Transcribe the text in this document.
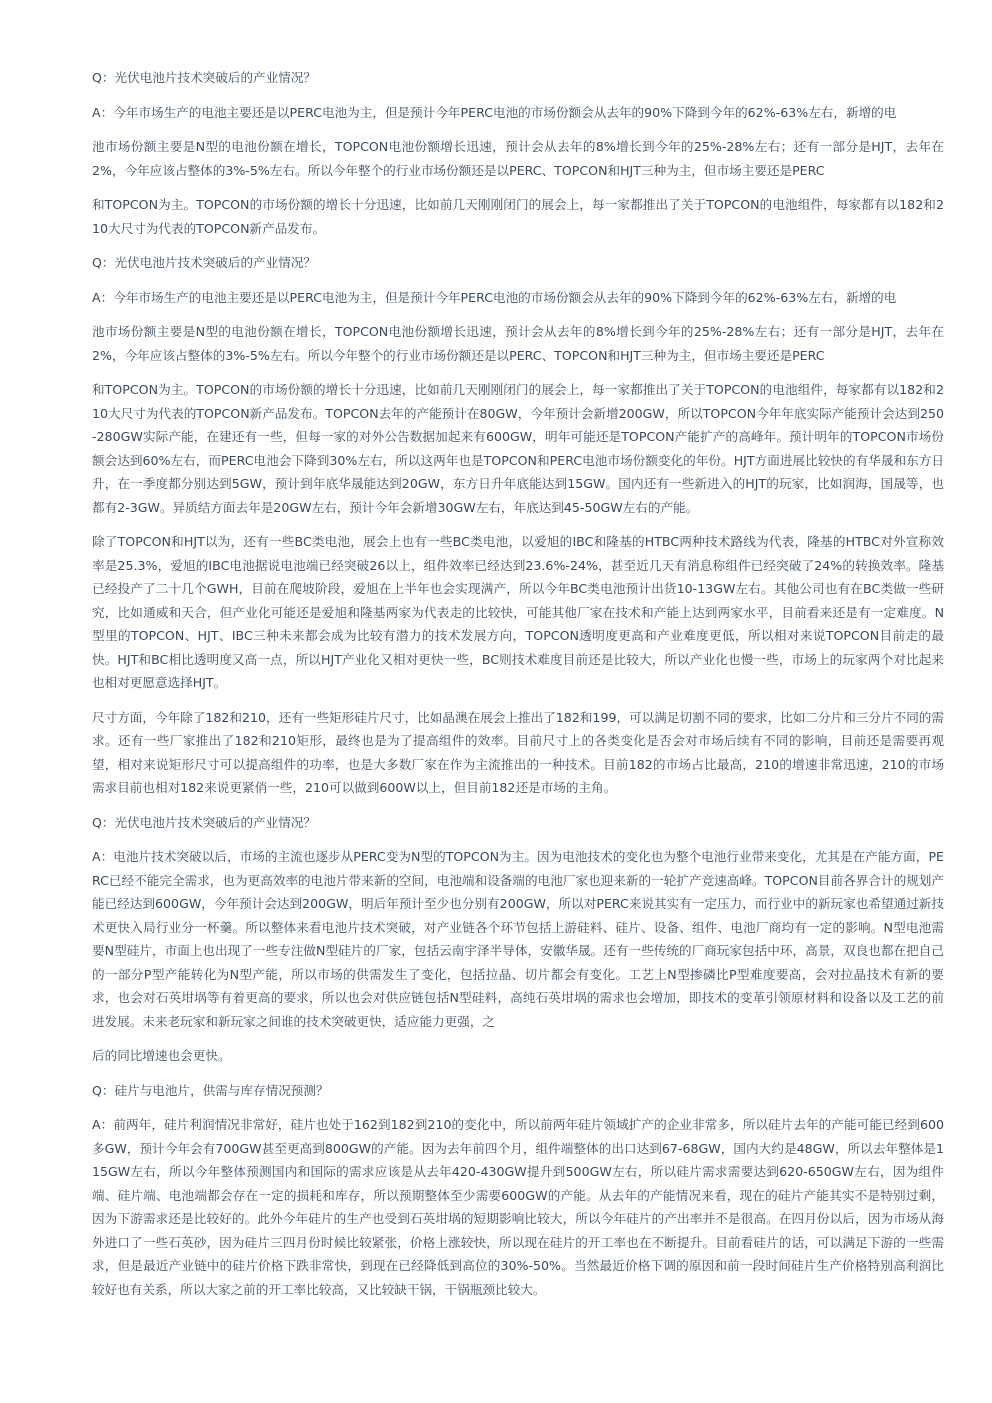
Q：光伏电池片技术突破后的产业情况？

A：今年市场生产的电池主要还是以PERC电池为主，但是预计今年PERC电池的市场份额会从去年的90%下降到今年的62%-63%左右，新增的电

池市场份额主要是N型的电池份额在增长，TOPCON电池份额增长迅速，预计会从去年的8%增长到今年的25%-28%左右；还有一部分是HJT，去年在2%，今年应该占整体的3%-5%左右。所以今年整个的行业市场份额还是以PERC、TOPCON和HJT三种为主，但市场主要还是PERC

和TOPCON为主。TOPCON的市场份额的增长十分迅速，比如前几天刚刚闭门的展会上，每一家都推出了关于TOPCON的电池组件，每家都有以182和210大尺寸为代表的TOPCON新产品发布。

Q：光伏电池片技术突破后的产业情况？

A：今年市场生产的电池主要还是以PERC电池为主，但是预计今年PERC电池的市场份额会从去年的90%下降到今年的62%-63%左右，新增的电

池市场份额主要是N型的电池份额在增长，TOPCON电池份额增长迅速，预计会从去年的8%增长到今年的25%-28%左右；还有一部分是HJT，去年在2%，今年应该占整体的3%-5%左右。所以今年整个的行业市场份额还是以PERC、TOPCON和HJT三种为主，但市场主要还是PERC

和TOPCON为主。TOPCON的市场份额的增长十分迅速，比如前几天刚刚闭门的展会上，每一家都推出了关于TOPCON的电池组件，每家都有以182和210大尺寸为代表的TOPCON新产品发布。TOPCON去年的产能预计在80GW，今年预计会新增200GW，所以TOPCON今年年底实际产能预计会达到250-280GW实际产能，在建还有一些，但每一家的对外公告数据加起来有600GW，明年可能还是TOPCON产能扩产的高峰年。预计明年的TOPCON市场份额会达到60%左右，而PERC电池会下降到30%左右，所以这两年也是TOPCON和PERC电池市场份额变化的年份。HJT方面进展比较快的有华晟和东方日升，在一季度都分别达到5GW，预计到年底华晟能达到20GW，东方日升年底能达到15GW。国内还有一些新进入的HJT的玩家，比如润海，国晟等，也都有2-3GW。异质结方面去年是20GW左右，预计今年会新增30GW左右，年底达到45-50GW左右的产能。

除了TOPCON和HJT以为，还有一些BC类电池，展会上也有一些BC类电池，以爱旭的IBC和隆基的HTBC两种技术路线为代表，隆基的HTBC对外宣称效率是25.3%，爱旭的IBC电池据说电池端已经突破26以上，组件效率已经达到23.6%-24%，甚至近几天有消息称组件已经突破了24%的转换效率。隆基已经投产了二十几个GWH，目前在爬坡阶段，爱旭在上半年也会实现满产，所以今年BC类电池预计出货10-13GW左右。其他公司也有在BC类做一些研究，比如通威和天合，但产业化可能还是爱旭和隆基两家为代表走的比较快，可能其他厂家在技术和产能上达到两家水平，目前看来还是有一定难度。N型里的TOPCON、HJT、IBC三种未来都会成为比较有潜力的技术发展方向，TOPCON透明度更高和产业难度更低，所以相对来说TOPCON目前走的最快。HJT和BC相比透明度又高一点，所以HJT产业化又相对更快一些，BC则技术难度目前还是比较大，所以产业化也慢一些，市场上的玩家两个对比起来也相对更愿意选择HJT。

尺寸方面，今年除了182和210，还有一些矩形硅片尺寸，比如晶澳在展会上推出了182和199，可以满足切割不同的要求，比如二分片和三分片不同的需求。还有一些厂家推出了182和210矩形，最终也是为了提高组件的效率。目前尺寸上的各类变化是否会对市场后续有不同的影响，目前还是需要再观望，相对来说矩形尺寸可以提高组件的功率，也是大多数厂家在作为主流推出的一种技术。目前182的市场占比最高，210的增速非常迅速，210的市场需求目前也相对182来说更紧俏一些，210可以做到600W以上，但目前182还是市场的主角。

Q：光伏电池片技术突破后的产业情况？

A：电池片技术突破以后，市场的主流也逐步从PERC变为N型的TOPCON为主。因为电池技术的变化也为整个电池行业带来变化，尤其是在产能方面，PERC已经不能完全需求，也为更高效率的电池片带来新的空间，电池端和设备端的电池厂家也迎来新的一轮扩产竞速高峰。TOPCON目前各界合计的规划产能已经达到600GW，今年预计会达到200GW，明后年预计至少也分别有200GW，所以对PERC来说其实有一定压力，而行业中的新玩家也希望通过新技术更快入局行业分一杯羹。所以整体来看电池片技术突破，对产业链各个环节包括上游硅料、硅片、设备、组件、电池厂商均有一定的影响。N型电池需要N型硅片，市面上也出现了一些专注做N型硅片的厂家，包括云南宇泽半导体，安徽华晟。还有一些传统的厂商玩家包括中环，高景，双良也都在把自己的一部分P型产能转化为N型产能，所以市场的供需发生了变化，包括拉晶、切片都会有变化。工艺上N型掺磷比P型难度要高，会对拉晶技术有新的要求，也会对石英坩埚等有着更高的要求，所以也会对供应链包括N型硅料，高纯石英坩埚的需求也会增加，即技术的变革引领原材料和设备以及工艺的前进发展。未来老玩家和新玩家之间谁的技术突破更快，适应能力更强，之

后的同比增速也会更快。

Q：硅片与电池片，供需与库存情况预测？

A：前两年，硅片利润情况非常好，硅片也处于162到182到210的变化中，所以前两年硅片领域扩产的企业非常多，所以硅片去年的产能可能已经到600多GW，预计今年会有700GW甚至更高到800GW的产能。因为去年前四个月，组件端整体的出口达到67-68GW，国内大约是48GW，所以去年整体是115GW左右，所以今年整体预测国内和国际的需求应该是从去年420-430GW提升到500GW左右，所以硅片需求需要达到620-650GW左右，因为组件端、硅片端、电池端都会存在一定的损耗和库存，所以预期整体至少需要600GW的产能。从去年的产能情况来看，现在的硅片产能其实不是特别过剩，因为下游需求还是比较好的。此外今年硅片的生产也受到石英坩埚的短期影响比较大，所以今年硅片的产出率并不是很高。在四月份以后，因为市场从海外进口了一些石英砂，因为硅片三四月份时候比较紧张，价格上涨较快，所以现在硅片的开工率也在不断提升。目前看硅片的话，可以满足下游的一些需求，但是最近产业链中的硅片价格下跌非常快，到现在已经降低到高位的30%-50%。当然最近价格下调的原因和前一段时间硅片生产价格特别高利润比较好也有关系，所以大家之前的开工率比较高，又比较缺干锅，干锅瓶颈比较大。
